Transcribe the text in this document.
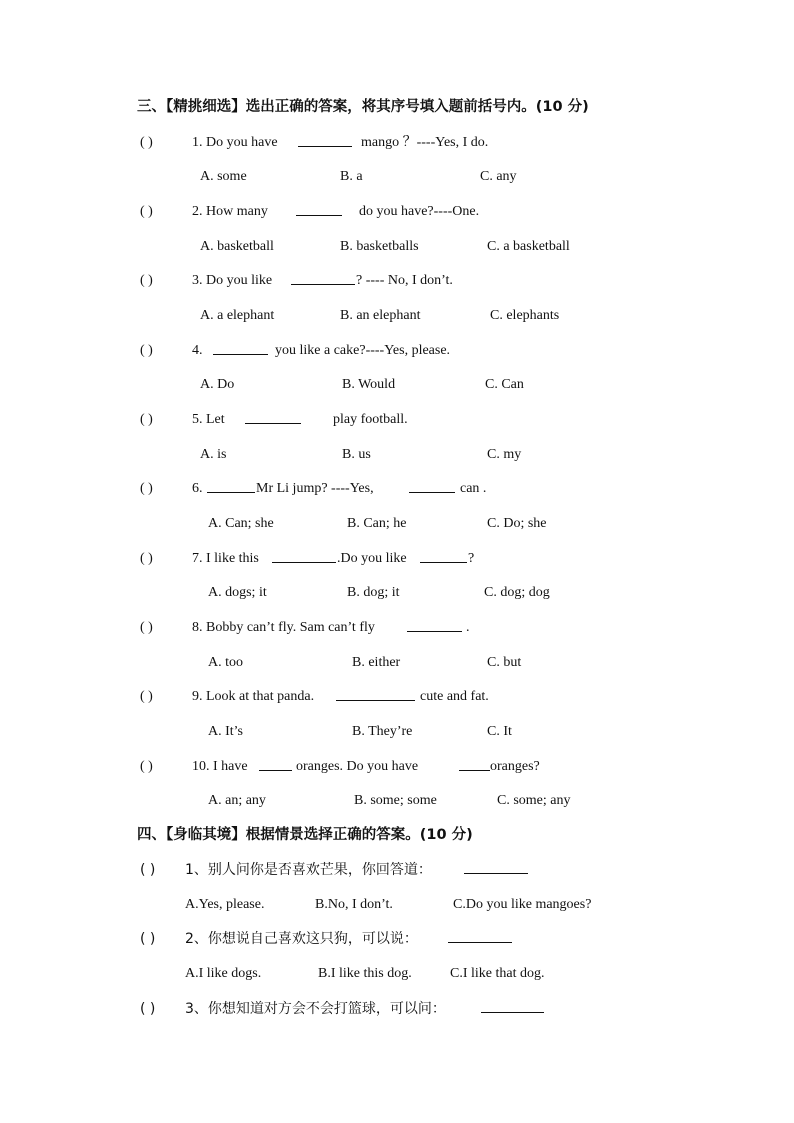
三、【精挑细选】选出正确的答案，将其序号填入题前括号内。(10 分)
( )	1. Do you have	mango ？----Yes, I do.
A. some	B. a	C. any
( )	2. How many	do you have?----One.
A. basketball	B. basketballs	C. a basketball
( )	3. Do you like	? ---- No, I don’t.
A. a elephant	B. an elephant	C. elephants
( )	4.	you like a cake?----Yes, please.
A. Do	B. Would	C. Can
( )	5. Let	play football.
A. is	B. us	C. my
( )	6.	Mr Li jump? ----Yes,	can .
A. Can; she	B. Can; he	C. Do; she
( )	7. I like this	.Do you like	?
A. dogs; it	B. dog; it	C. dog; dog
( )	8. Bobby can’t fly. Sam can’t fly	.
A. too	B. either	C. but
( )	9. Look at that panda.	cute and fat.
A. It’s	B. They’re	C. It
( )	10. I have	oranges. Do you have	oranges?
A. an; any	B. some; some	C. some; any
四、【身临其境】根据情景选择正确的答案。(10 分)
( ) 1、别人问你是否喜欢芒果，你回答道：
A.Yes, please.	B.No, I don’t.	C.Do you like mangoes?
( ) 2、你想说自己喜欢这只狗，可以说：
A.I like dogs.	B.I like this dog.	C.I like that dog.
( ) 3、你想知道对方会不会打篮球，可以问：
